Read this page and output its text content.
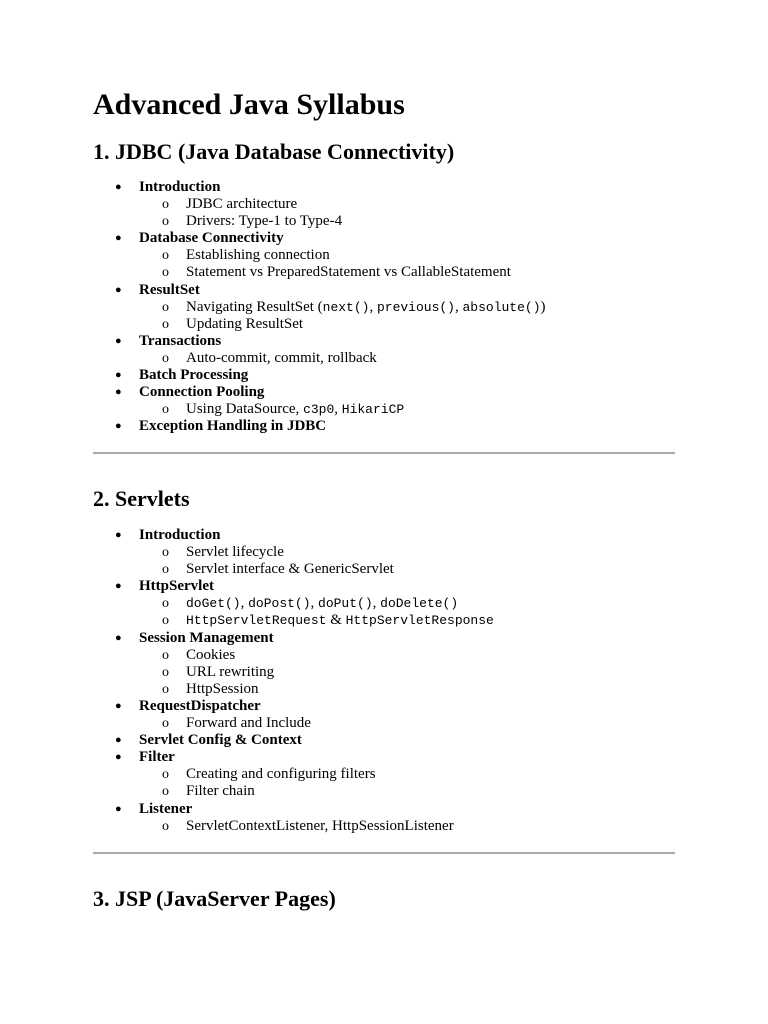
Advanced Java Syllabus
1. JDBC (Java Database Connectivity)
● Introduction
o JDBC architecture
o Drivers: Type-1 to Type-4
● Database Connectivity
o Establishing connection
o Statement vs PreparedStatement vs CallableStatement
● ResultSet
o Navigating ResultSet (next(), previous(), absolute())
o Updating ResultSet
● Transactions
o Auto-commit, commit, rollback
● Batch Processing
● Connection Pooling
o Using DataSource, c3p0, HikariCP
● Exception Handling in JDBC
2. Servlets
● Introduction
o Servlet lifecycle
o Servlet interface & GenericServlet
● HttpServlet
o doGet(), doPost(), doPut(), doDelete()
o HttpServletRequest & HttpServletResponse
● Session Management
o Cookies
o URL rewriting
o HttpSession
● RequestDispatcher
o Forward and Include
● Servlet Config & Context
● Filter
o Creating and configuring filters
o Filter chain
● Listener
o ServletContextListener, HttpSessionListener
3. JSP (JavaServer Pages)
